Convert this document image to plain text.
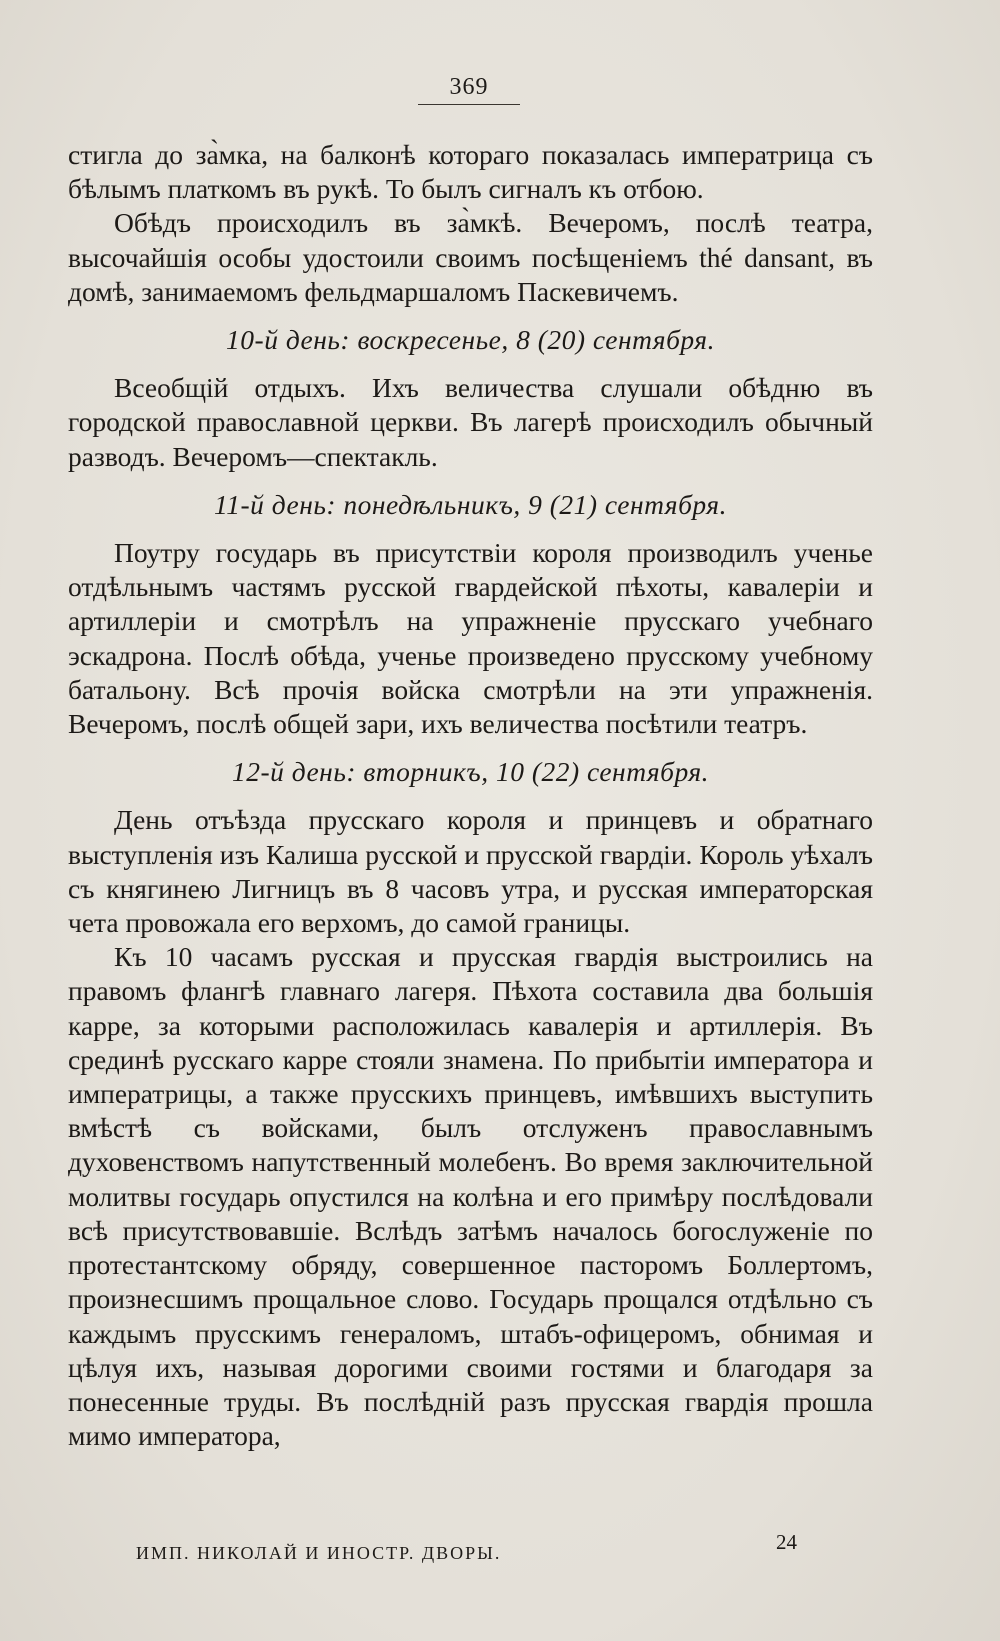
369

стигла до за̀мка, на балконѣ котораго показалась императрица съ бѣлымъ платкомъ въ рукѣ. То былъ сигналъ къ отбою.

Обѣдъ происходилъ въ за̀мкѣ. Вечеромъ, послѣ театра, высочайшія особы удостоили своимъ посѣщеніемъ thé dansant, въ домѣ, занимаемомъ фельдмаршаломъ Паскевичемъ.

10-й день: воскресенье, 8 (20) сентября.

Всеобщій отдыхъ. Ихъ величества слушали обѣдню въ городской православной церкви. Въ лагерѣ происходилъ обычный разводъ. Вечеромъ—спектакль.

11-й день: понедѣльникъ, 9 (21) сентября.

Поутру государь въ присутствіи короля производилъ ученье отдѣльнымъ частямъ русской гвардейской пѣхоты, кавалеріи и артиллеріи и смотрѣлъ на упражненіе прусскаго учебнаго эскадрона. Послѣ обѣда, ученье произведено прусскому учебному батальону. Всѣ прочія войска смотрѣли на эти упражненія. Вечеромъ, послѣ общей зари, ихъ величества посѣтили театръ.

12-й день: вторникъ, 10 (22) сентября.

День отъѣзда прусскаго короля и принцевъ и обратнаго выступленія изъ Калиша русской и прусской гвардіи. Король уѣхалъ съ княгинею Лигницъ въ 8 часовъ утра, и русская императорская чета провожала его верхомъ, до самой границы.

Къ 10 часамъ русская и прусская гвардія выстроились на правомъ флангѣ главнаго лагеря. Пѣхота составила два большія карре, за которыми расположилась кавалерія и артиллерія. Въ срединѣ русскаго карре стояли знамена. По прибытіи императора и императрицы, а также прусскихъ принцевъ, имѣвшихъ выступить вмѣстѣ съ войсками, былъ отслуженъ православнымъ духовенствомъ напутственный молебенъ. Во время заключительной молитвы государь опустился на колѣна и его примѣру послѣдовали всѣ присутствовавшіе. Вслѣдъ затѣмъ началось богослуженіе по протестантскому обряду, совершенное пасторомъ Боллертомъ, произнесшимъ прощальное слово. Государь прощался отдѣльно съ каждымъ прусскимъ генераломъ, штабъ-офицеромъ, обнимая и цѣлуя ихъ, называя дорогими своими гостями и благодаря за понесенные труды. Въ послѣдній разъ прусская гвардія прошла мимо императора,

ИМП. НИКОЛАЙ И ИНОСТР. ДВОРЫ.	24
